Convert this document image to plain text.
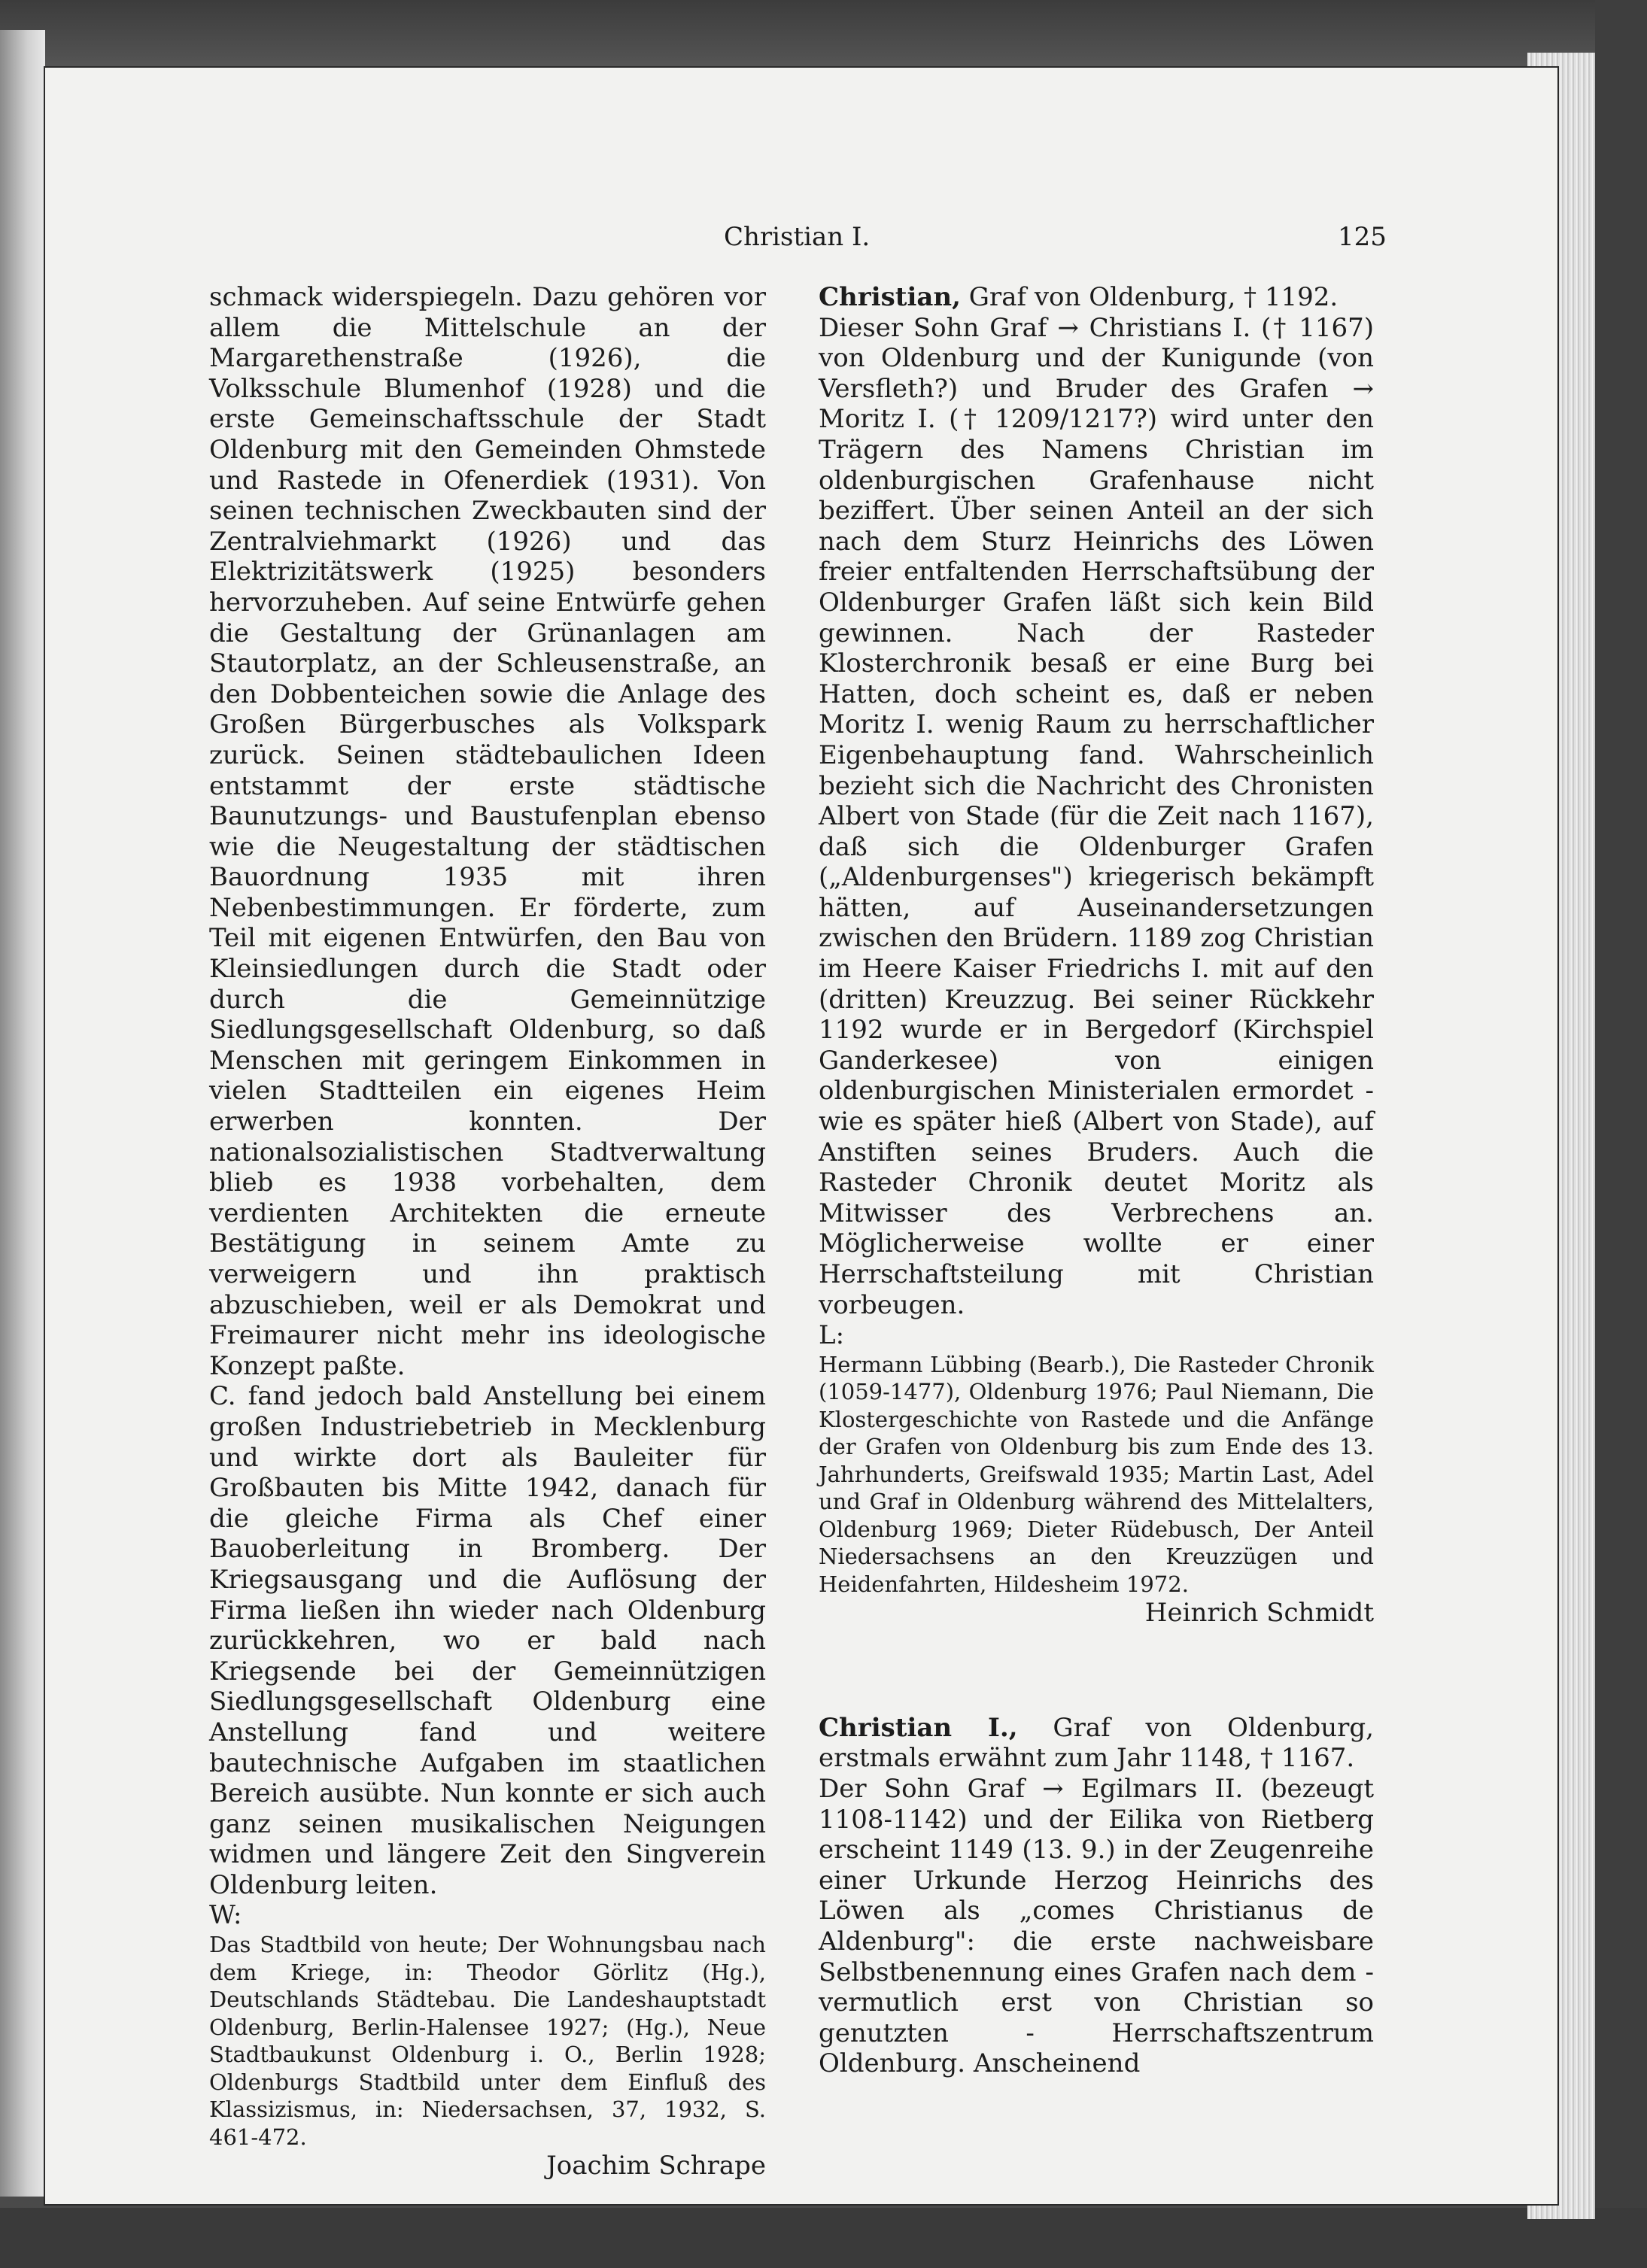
Christian I.	125

schmack widerspiegeln. Dazu gehören vor allem die Mittelschule an der Margarethenstraße (1926), die Volksschule Blumenhof (1928) und die erste Gemeinschaftsschule der Stadt Oldenburg mit den Gemeinden Ohmstede und Rastede in Ofenerdiek (1931). Von seinen technischen Zweckbauten sind der Zentralviehmarkt (1926) und das Elektrizitätswerk (1925) besonders hervorzuheben. Auf seine Entwürfe gehen die Gestaltung der Grünanlagen am Stautorplatz, an der Schleusenstraße, an den Dobbenteichen sowie die Anlage des Großen Bürgerbusches als Volkspark zurück. Seinen städtebaulichen Ideen entstammt der erste städtische Baunutzungs- und Baustufenplan ebenso wie die Neugestaltung der städtischen Bauordnung 1935 mit ihren Nebenbestimmungen. Er förderte, zum Teil mit eigenen Entwürfen, den Bau von Kleinsiedlungen durch die Stadt oder durch die Gemeinnützige Siedlungsgesellschaft Oldenburg, so daß Menschen mit geringem Einkommen in vielen Stadtteilen ein eigenes Heim erwerben konnten. Der nationalsozialistischen Stadtverwaltung blieb es 1938 vorbehalten, dem verdienten Architekten die erneute Bestätigung in seinem Amte zu verweigern und ihn praktisch abzuschieben, weil er als Demokrat und Freimaurer nicht mehr ins ideologische Konzept paßte.

C. fand jedoch bald Anstellung bei einem großen Industriebetrieb in Mecklenburg und wirkte dort als Bauleiter für Großbauten bis Mitte 1942, danach für die gleiche Firma als Chef einer Bauoberleitung in Bromberg. Der Kriegsausgang und die Auflösung der Firma ließen ihn wieder nach Oldenburg zurückkehren, wo er bald nach Kriegsende bei der Gemeinnützigen Siedlungsgesellschaft Oldenburg eine Anstellung fand und weitere bautechnische Aufgaben im staatlichen Bereich ausübte. Nun konnte er sich auch ganz seinen musikalischen Neigungen widmen und längere Zeit den Singverein Oldenburg leiten.

W:

Das Stadtbild von heute; Der Wohnungsbau nach dem Kriege, in: Theodor Görlitz (Hg.), Deutschlands Städtebau. Die Landeshauptstadt Oldenburg, Berlin-Halensee 1927; (Hg.), Neue Stadtbaukunst Oldenburg i. O., Berlin 1928; Oldenburgs Stadtbild unter dem Einfluß des Klassizismus, in: Niedersachsen, 37, 1932, S. 461-472.

Joachim Schrape

Christian, Graf von Oldenburg, † 1192.

Dieser Sohn Graf → Christians I. († 1167) von Oldenburg und der Kunigunde (von Versfleth?) und Bruder des Grafen → Moritz I. († 1209/1217?) wird unter den Trägern des Namens Christian im oldenburgischen Grafenhause nicht beziffert. Über seinen Anteil an der sich nach dem Sturz Heinrichs des Löwen freier entfaltenden Herrschaftsübung der Oldenburger Grafen läßt sich kein Bild gewinnen. Nach der Rasteder Klosterchronik besaß er eine Burg bei Hatten, doch scheint es, daß er neben Moritz I. wenig Raum zu herrschaftlicher Eigenbehauptung fand. Wahrscheinlich bezieht sich die Nachricht des Chronisten Albert von Stade (für die Zeit nach 1167), daß sich die Oldenburger Grafen („Aldenburgenses") kriegerisch bekämpft hätten, auf Auseinandersetzungen zwischen den Brüdern. 1189 zog Christian im Heere Kaiser Friedrichs I. mit auf den (dritten) Kreuzzug. Bei seiner Rückkehr 1192 wurde er in Bergedorf (Kirchspiel Ganderkesee) von einigen oldenburgischen Ministerialen ermordet - wie es später hieß (Albert von Stade), auf Anstiften seines Bruders. Auch die Rasteder Chronik deutet Moritz als Mitwisser des Verbrechens an. Möglicherweise wollte er einer Herrschaftsteilung mit Christian vorbeugen.

L:

Hermann Lübbing (Bearb.), Die Rasteder Chronik (1059-1477), Oldenburg 1976; Paul Niemann, Die Klostergeschichte von Rastede und die Anfänge der Grafen von Oldenburg bis zum Ende des 13. Jahrhunderts, Greifswald 1935; Martin Last, Adel und Graf in Oldenburg während des Mittelalters, Oldenburg 1969; Dieter Rüdebusch, Der Anteil Niedersachsens an den Kreuzzügen und Heidenfahrten, Hildesheim 1972.

Heinrich Schmidt

Christian I., Graf von Oldenburg, erstmals erwähnt zum Jahr 1148, † 1167.

Der Sohn Graf → Egilmars II. (bezeugt 1108-1142) und der Eilika von Rietberg erscheint 1149 (13. 9.) in der Zeugenreihe einer Urkunde Herzog Heinrichs des Löwen als „comes Christianus de Aldenburg": die erste nachweisbare Selbstbenennung eines Grafen nach dem - vermutlich erst von Christian so genutzten - Herrschaftszentrum Oldenburg. Anscheinend
